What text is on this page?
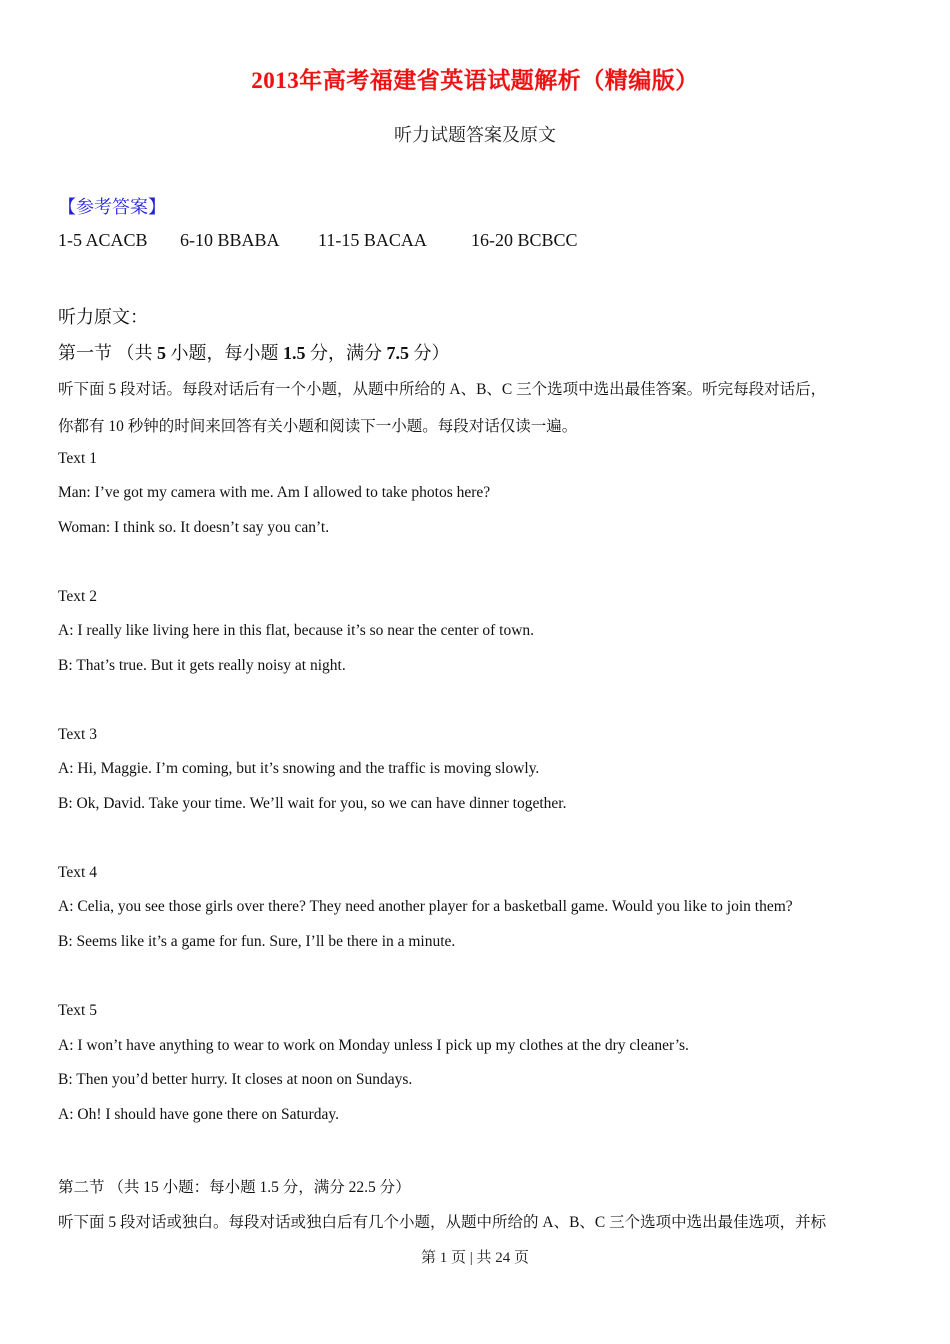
2013年高考福建省英语试题解析（精编版）
听力试题答案及原文
【参考答案】
1-5 ACACB 6-10 BBABA 11-15 BACAA 16-20 BCBCC
听力原文：
第一节 （共 5 小题，每小题 1.5 分，满分 7.5 分）
听下面 5 段对话。每段对话后有一个小题，从题中所给的 A、B、C 三个选项中选出最佳答案。听完每段对话后，
你都有 10 秒钟的时间来回答有关小题和阅读下一小题。每段对话仅读一遍。
Text 1
Man: I’ve got my camera with me. Am I allowed to take photos here?
Woman: I think so. It doesn’t say you can’t.
Text 2
A: I really like living here in this flat, because it’s so near the center of town.
B: That’s true. But it gets really noisy at night.
Text 3
A: Hi, Maggie. I’m coming, but it’s snowing and the traffic is moving slowly.
B: Ok, David. Take your time. We’ll wait for you, so we can have dinner together.
Text 4
A: Celia, you see those girls over there? They need another player for a basketball game. Would you like to join them?
B: Seems like it’s a game for fun. Sure, I’ll be there in a minute.
Text 5
A: I won’t have anything to wear to work on Monday unless I pick up my clothes at the dry cleaner’s.
B: Then you’d better hurry. It closes at noon on Sundays.
A: Oh! I should have gone there on Saturday.
第二节 （共 15 小题：每小题 1.5 分，满分 22.5 分）
听下面 5 段对话或独白。每段对话或独白后有几个小题，从题中所给的 A、B、C 三个选项中选出最佳选项，并标
第 1 页 | 共 24 页
